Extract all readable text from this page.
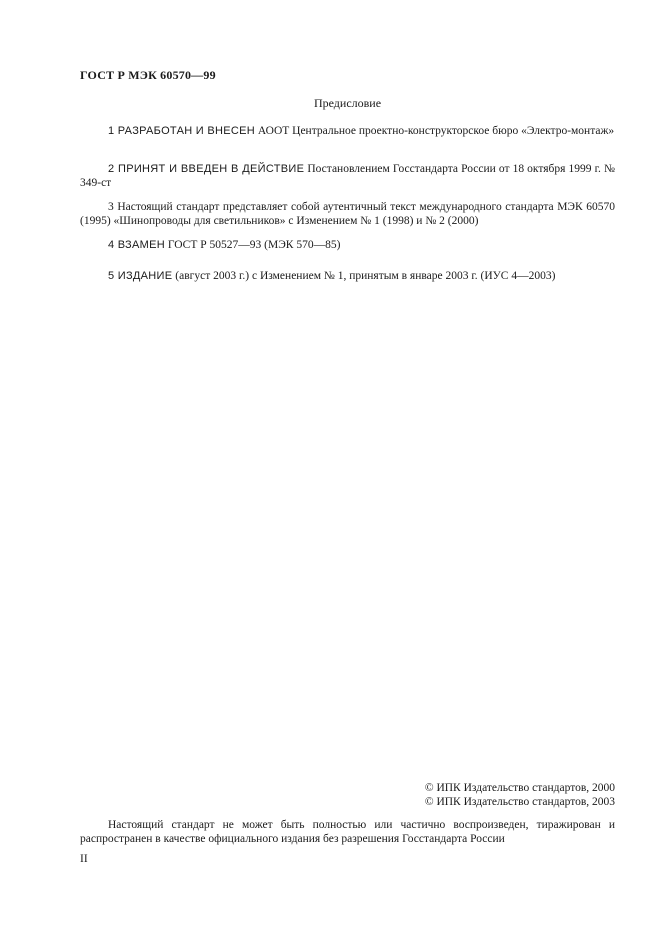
ГОСТ Р МЭК 60570—99
Предисловие
1 РАЗРАБОТАН И ВНЕСЕН АООТ Центральное проектно-конструкторское бюро «Электро-монтаж»
2 ПРИНЯТ И ВВЕДЕН В ДЕЙСТВИЕ Постановлением Госстандарта России от 18 октября 1999 г. № 349-ст
3 Настоящий стандарт представляет собой аутентичный текст международного стандарта МЭК 60570 (1995) «Шинопроводы для светильников» с Изменением № 1 (1998) и № 2 (2000)
4 ВЗАМЕН ГОСТ Р 50527—93 (МЭК 570—85)
5 ИЗДАНИЕ (август 2003 г.) с Изменением № 1, принятым в январе 2003 г. (ИУС 4—2003)
© ИПК Издательство стандартов, 2000
© ИПК Издательство стандартов, 2003
Настоящий стандарт не может быть полностью или частично воспроизведен, тиражирован и распространен в качестве официального издания без разрешения Госстандарта России
II
